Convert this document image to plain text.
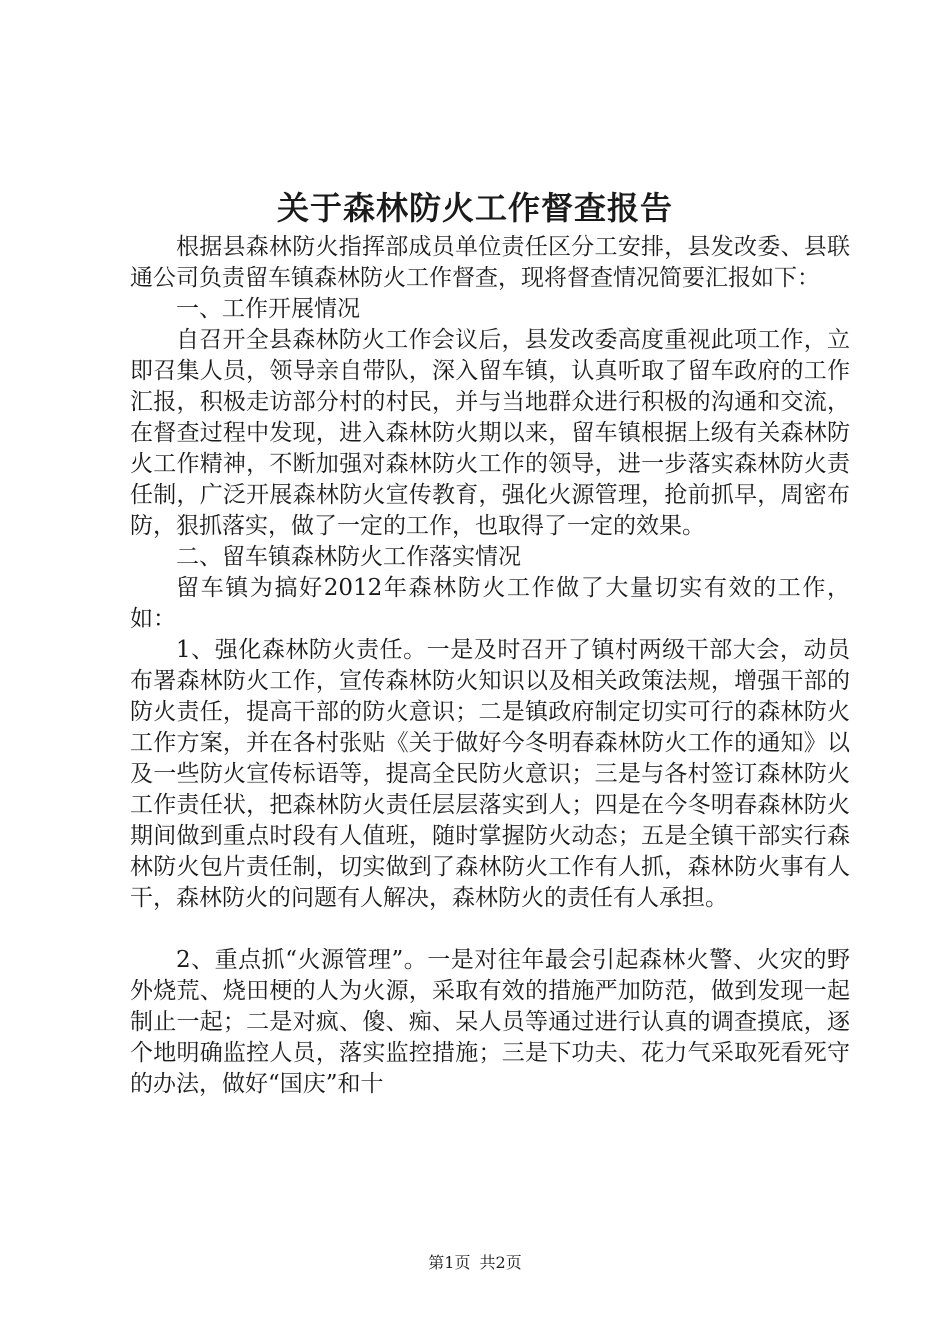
关于森林防火工作督查报告

根据县森林防火指挥部成员单位责任区分工安排，县发改委、县联通公司负责留车镇森林防火工作督查，现将督查情况简要汇报如下：

一、工作开展情况

自召开全县森林防火工作会议后，县发改委高度重视此项工作，立即召集人员，领导亲自带队，深入留车镇，认真听取了留车政府的工作汇报，积极走访部分村的村民，并与当地群众进行积极的沟通和交流，在督查过程中发现，进入森林防火期以来，留车镇根据上级有关森林防火工作精神，不断加强对森林防火工作的领导，进一步落实森林防火责任制，广泛开展森林防火宣传教育，强化火源管理，抢前抓早，周密布防，狠抓落实，做了一定的工作，也取得了一定的效果。

二、留车镇森林防火工作落实情况

留车镇为搞好2012年森林防火工作做了大量切实有效的工作，如：

1、强化森林防火责任。一是及时召开了镇村两级干部大会，动员布署森林防火工作，宣传森林防火知识以及相关政策法规，增强干部的防火责任，提高干部的防火意识；二是镇政府制定切实可行的森林防火工作方案，并在各村张贴《关于做好今冬明春森林防火工作的通知》以及一些防火宣传标语等，提高全民防火意识；三是与各村签订森林防火工作责任状，把森林防火责任层层落实到人；四是在今冬明春森林防火期间做到重点时段有人值班，随时掌握防火动态；五是全镇干部实行森林防火包片责任制，切实做到了森林防火工作有人抓，森林防火事有人干，森林防火的问题有人解决，森林防火的责任有人承担。

2、重点抓“火源管理”。一是对往年最会引起森林火警、火灾的野外烧荒、烧田梗的人为火源，采取有效的措施严加防范，做到发现一起制止一起；二是对疯、傻、痴、呆人员等通过进行认真的调查摸底，逐个地明确监控人员，落实监控措施；三是下功夫、花力气采取死看死守的办法，做好“国庆”和十

第1页 共2页
